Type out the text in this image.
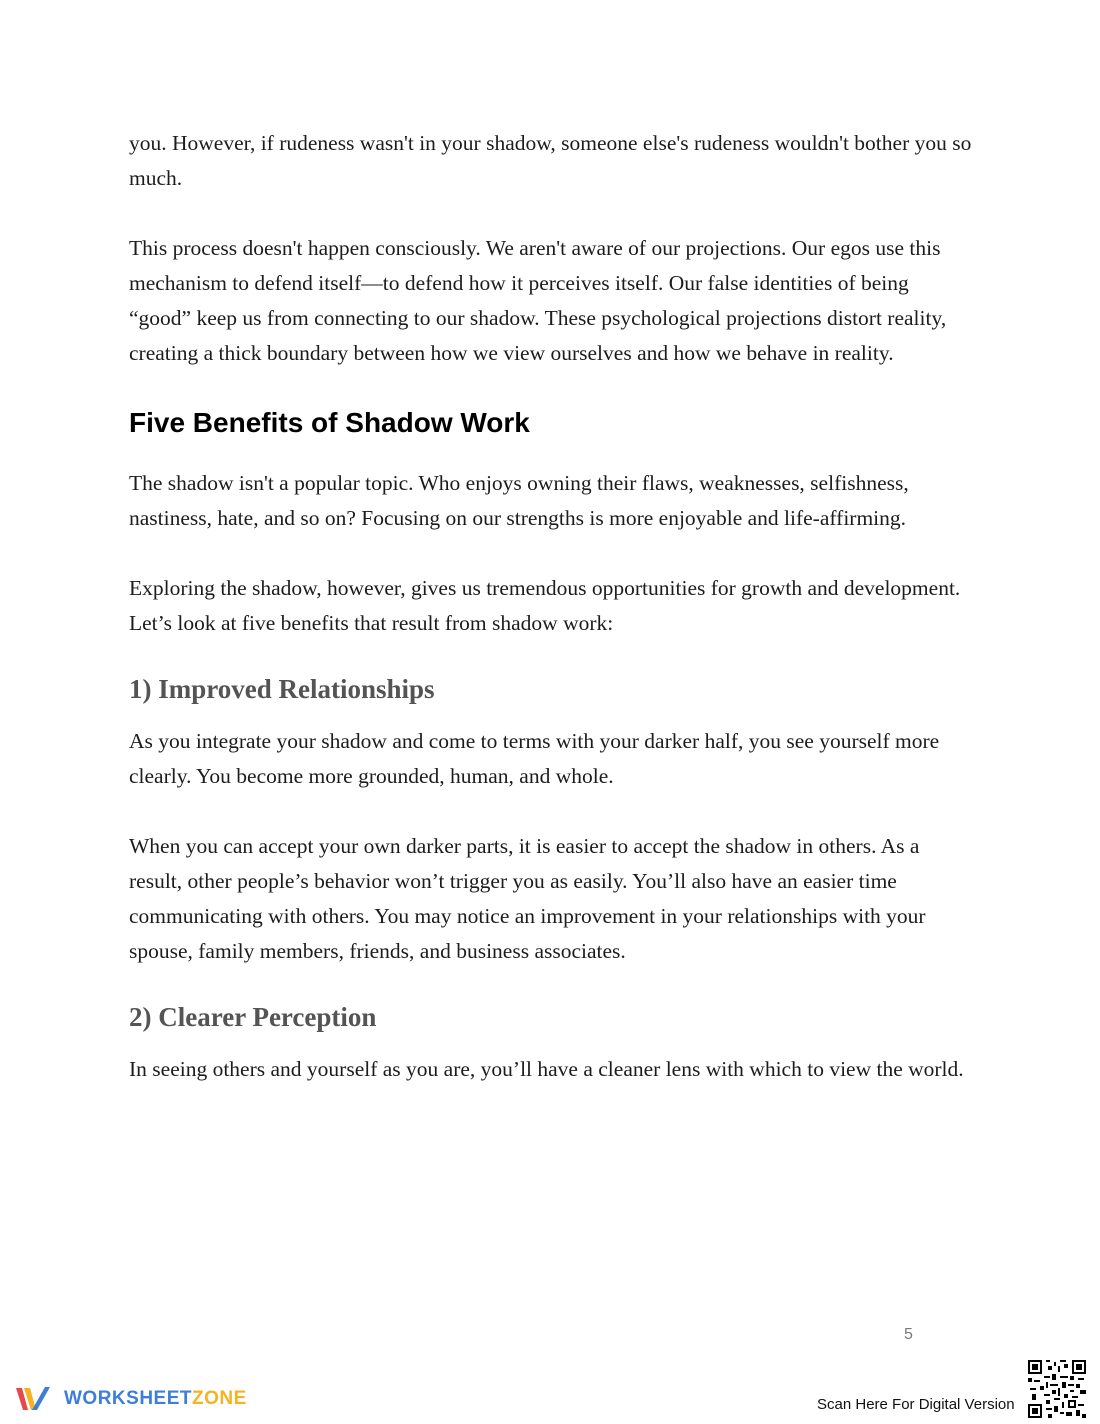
you. However, if rudeness wasn't in your shadow, someone else's rudeness wouldn't bother you so much.

This process doesn't happen consciously. We aren't aware of our projections. Our egos use this mechanism to defend itself—to defend how it perceives itself. Our false identities of being “good” keep us from connecting to our shadow. These psychological projections distort reality, creating a thick boundary between how we view ourselves and how we behave in reality.

Five Benefits of Shadow Work

The shadow isn't a popular topic. Who enjoys owning their flaws, weaknesses, selfishness, nastiness, hate, and so on? Focusing on our strengths is more enjoyable and life-affirming.

Exploring the shadow, however, gives us tremendous opportunities for growth and development. Let’s look at five benefits that result from shadow work:

1) Improved Relationships

As you integrate your shadow and come to terms with your darker half, you see yourself more clearly. You become more grounded, human, and whole.

When you can accept your own darker parts, it is easier to accept the shadow in others. As a result, other people’s behavior won’t trigger you as easily. You’ll also have an easier time communicating with others. You may notice an improvement in your relationships with your spouse, family members, friends, and business associates.

2) Clearer Perception

In seeing others and yourself as you are, you’ll have a cleaner lens with which to view the world.

5
WORKSHEETZONE	Scan Here For Digital Version
